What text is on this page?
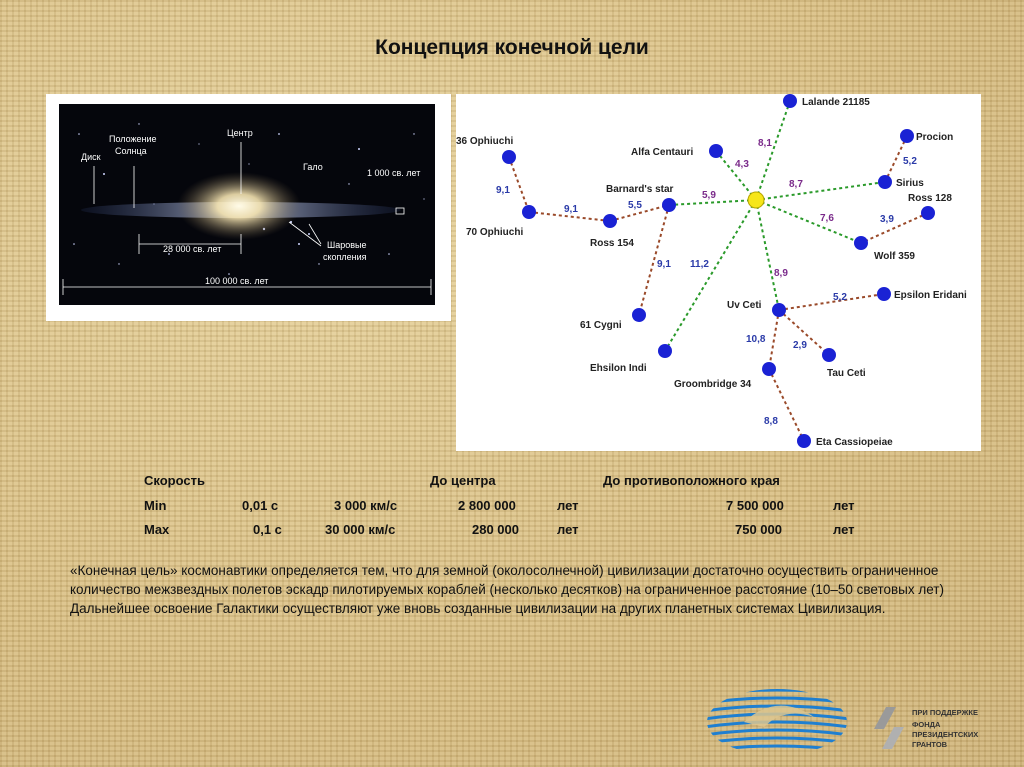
Концепция конечной цели
Диск
Положение
Солнца
Центр
Гало
1 000 св. лет
28 000 св. лет	Шаровые
скопления
100 000 св. лет
8,1
4,3
8,7
5,2
5,9
7,6	3,9
9,1
9,1	5,5
9,1 11,2
8,9
5,2
10,8
2,9
8,8
Lalande 21185
Procion
Sirius
Ross 128
36 Ophiuchi
Alfa Centauri
Barnard's star
70 Ophiuchi
Ross 154
Wolf 359
Epsilon Eridani
Uv Ceti
61 Cygni
Ehsilon Indi
Groombridge 34
Tau Ceti
Eta Cassiopeiae
Скорость	До центра	До противоположного края
Min	0,01 с	3 000 км/с	2 800 000	лет	7 500 000	лет
Max	0,1 с	30 000 км/с	280 000	лет	750 000	лет
«Конечная цель» космонавтики определяется тем, что для земной (околосолнечной) цивилизации достаточно осуществить ограниченное количество межзвездных полетов эскадр пилотируемых кораблей (несколько десятков) на ограниченное расстояние (10–50 световых лет) Дальнейшее освоение Галактики осуществляют уже вновь созданные цивилизации на других планетных системах Цивилизация.
ПРИ ПОДДЕРЖКЕ
ФОНДА
ПРЕЗИДЕНТСКИХ
ГРАНТОВ
